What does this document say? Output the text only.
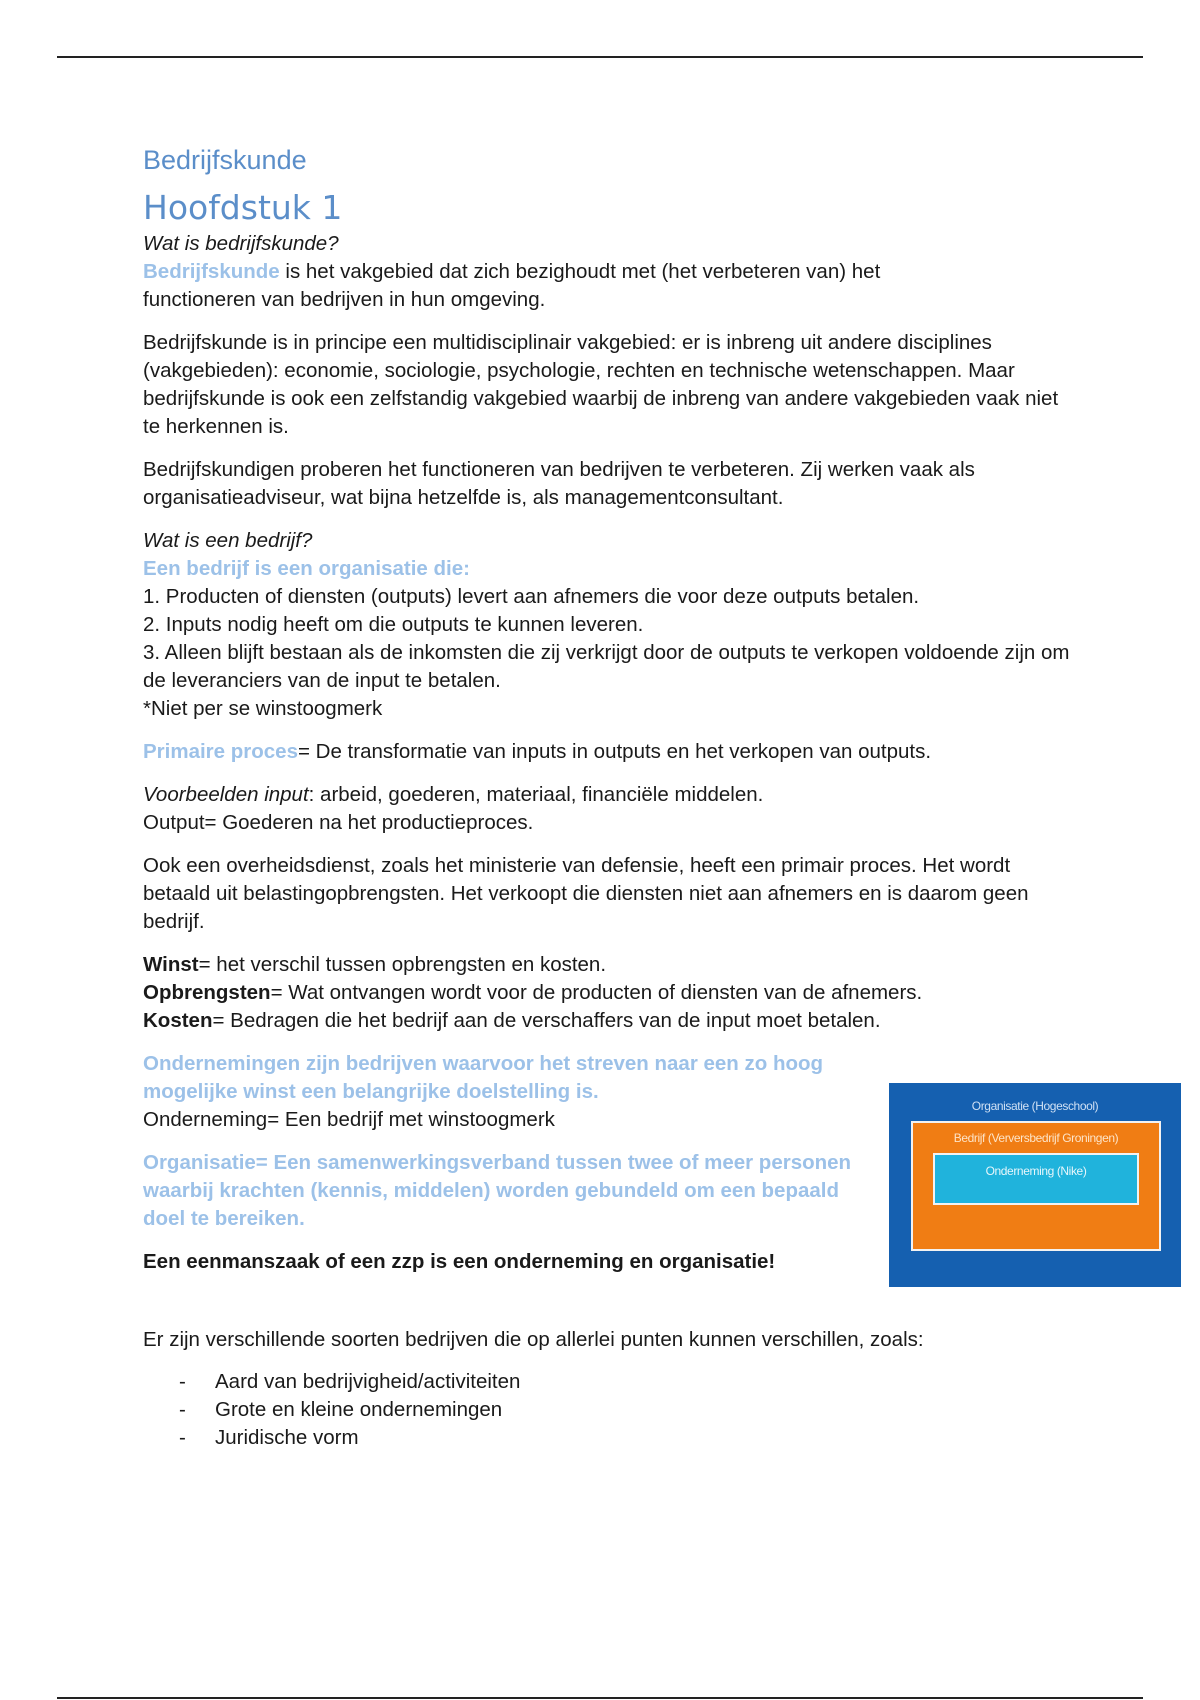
Bedrijfskunde
Hoofdstuk 1

Wat is bedrijfskunde?
Bedrijfskunde is het vakgebied dat zich bezighoudt met (het verbeteren van) het
functioneren van bedrijven in hun omgeving.

Bedrijfskunde is in principe een multidisciplinair vakgebied: er is inbreng uit andere disciplines (vakgebieden): economie, sociologie, psychologie, rechten en technische wetenschappen. Maar bedrijfskunde is ook een zelfstandig vakgebied waarbij de inbreng van andere vakgebieden vaak niet te herkennen is.

Bedrijfskundigen proberen het functioneren van bedrijven te verbeteren. Zij werken vaak als organisatieadviseur, wat bijna hetzelfde is, als managementconsultant.

Wat is een bedrijf?
Een bedrijf is een organisatie die:
1. Producten of diensten (outputs) levert aan afnemers die voor deze outputs betalen.
2. Inputs nodig heeft om die outputs te kunnen leveren.
3. Alleen blijft bestaan als de inkomsten die zij verkrijgt door de outputs te verkopen voldoende zijn om de leveranciers van de input te betalen.
*Niet per se winstoogmerk

Primaire proces= De transformatie van inputs in outputs en het verkopen van outputs.

Voorbeelden input: arbeid, goederen, materiaal, financiële middelen.
Output= Goederen na het productieproces.

Ook een overheidsdienst, zoals het ministerie van defensie, heeft een primair proces. Het wordt betaald uit belastingopbrengsten. Het verkoopt die diensten niet aan afnemers en is daarom geen bedrijf.

Winst= het verschil tussen opbrengsten en kosten.
Opbrengsten= Wat ontvangen wordt voor de producten of diensten van de afnemers.
Kosten= Bedragen die het bedrijf aan de verschaffers van de input moet betalen.

Ondernemingen zijn bedrijven waarvoor het streven naar een zo hoog mogelijke winst een belangrijke doelstelling is.
Onderneming= Een bedrijf met winstoogmerk

Organisatie= Een samenwerkingsverband tussen twee of meer personen waarbij krachten (kennis, middelen) worden gebundeld om een bepaald doel te bereiken.

Een eenmanszaak of een zzp is een onderneming en organisatie!

Er zijn verschillende soorten bedrijven die op allerlei punten kunnen verschillen, zoals:

- Aard van bedrijvigheid/activiteiten
- Grote en kleine ondernemingen
- Juridische vorm
Organisatie (Hogeschool)
Bedrijf (Verversbedrijf Groningen)
Onderneming (Nike)
